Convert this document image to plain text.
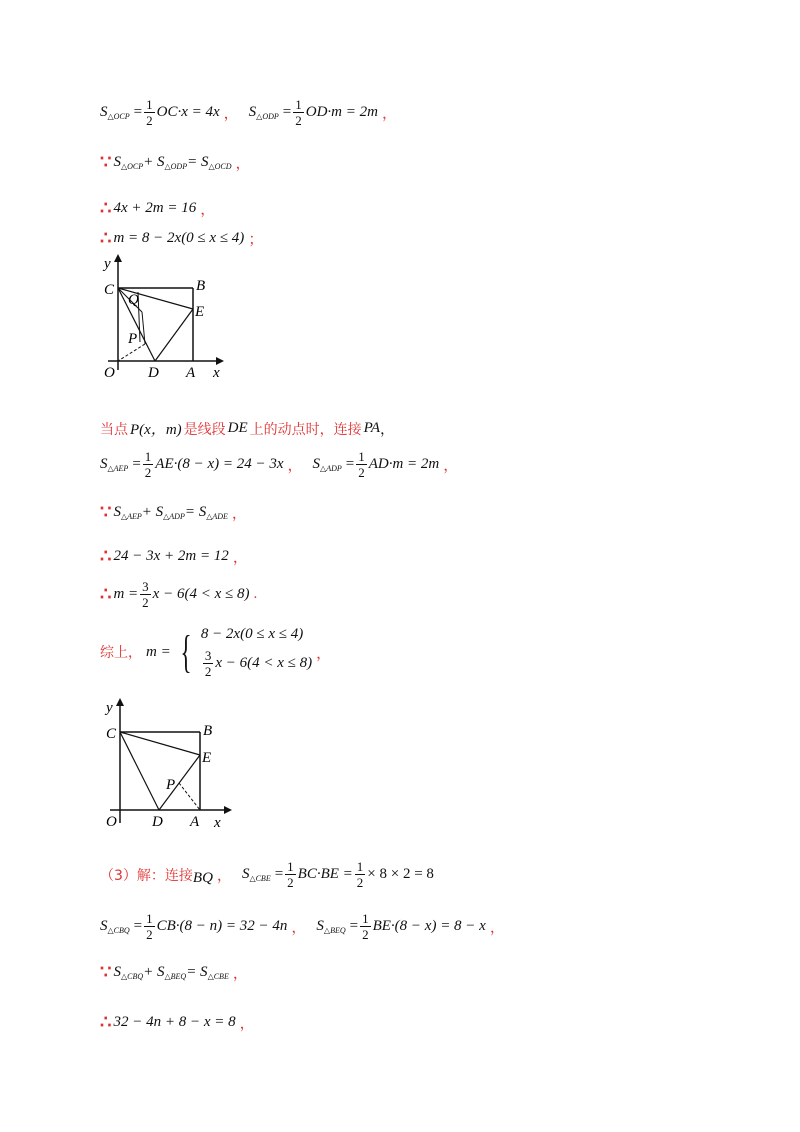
S △OCP = $\frac{1}{2} OC\cdot x = 4x$ ， S △ODP = $\frac{1}{2} OD\cdot m = 2m$ ，
∵ S △OCP + S △ODP = S △OCD ，
∴ 4x + 2m = 16 ，
∴ m = 8 − 2x(0 ≤ x ≤ 4) ；
y
x
O
C	B
E
Q
P
D A
当点 P(x，m) 是线段 DE 上的动点时，连接 PA ，
S △AEP = $\frac{1}{2} AE\cdot(8 - x) = 24 - 3x$ ， S △ADP = $\frac{1}{2} AD\cdot m = 2m$ ，
∵ S △AEP + S △ADP = S △ADE ，
∴ 24 − 3x + 2m = 12 ，
∴ $m = \frac{3}{2}$ x − 6(4 < x ≤ 8) .
综上， m = { 8 − 2x(0 ≤ x ≤ 4)
$\frac{3}{2}$ x − 6(4 < x ≤ 8)
，
y
x
O
C	B
E
P
D A
（3）解：连接 BQ ， S △CBE = $\frac{1}{2} BC\cdot BE = \frac{1}{2} \times 8 \times 2 = 8$
S △CBQ = $\frac{1}{2} CB\cdot(8 - n) = 32 - 4n$ ， S △BEQ = $\frac{1}{2} BE\cdot(8 - x) = 8 - x$ ，
∵ S △CBQ + S △BEQ = S △CBE ，
∴ 32 − 4n + 8 − x = 8 ，
